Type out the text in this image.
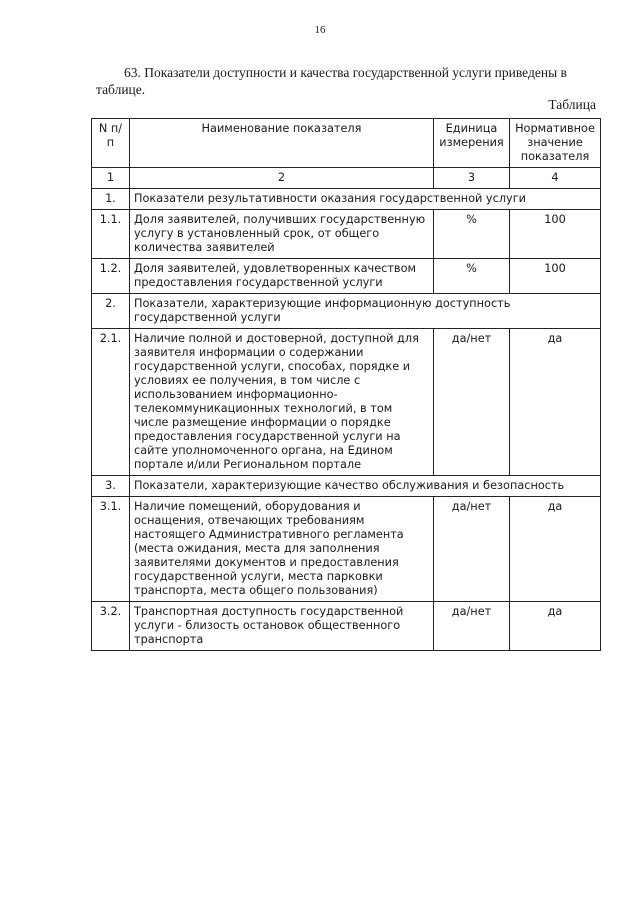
16
63. Показатели доступности и качества государственной услуги приведены в таблице.
Таблица
N п/п	Наименование показателя	Единица измерения	Нормативное значение показателя
1	2	3	4
1.	Показатели результативности оказания государственной услуги		
1.1.	Доля заявителей, получивших государственную услугу в установленный срок, от общего количества заявителей	%	100
1.2.	Доля заявителей, удовлетворенных качеством предоставления государственной услуги	%	100
2.	Показатели, характеризующие информационную доступность государственной услуги		
2.1.	Наличие полной и достоверной, доступной для заявителя информации о содержании государственной услуги, способах, порядке и условиях ее получения, в том числе с использованием информационно-телекоммуникационных технологий, в том числе размещение информации о порядке предоставления государственной услуги на сайте уполномоченного органа, на Едином портале и/или Региональном портале	да/нет	да
3.	Показатели, характеризующие качество обслуживания и безопасность		
3.1.	Наличие помещений, оборудования и оснащения, отвечающих требованиям настоящего Административного регламента (места ожидания, места для заполнения заявителями документов и предоставления государственной услуги, места парковки транспорта, места общего пользования)	да/нет	да
3.2.	Транспортная доступность государственной услуги - близость остановок общественного транспорта	да/нет	да
